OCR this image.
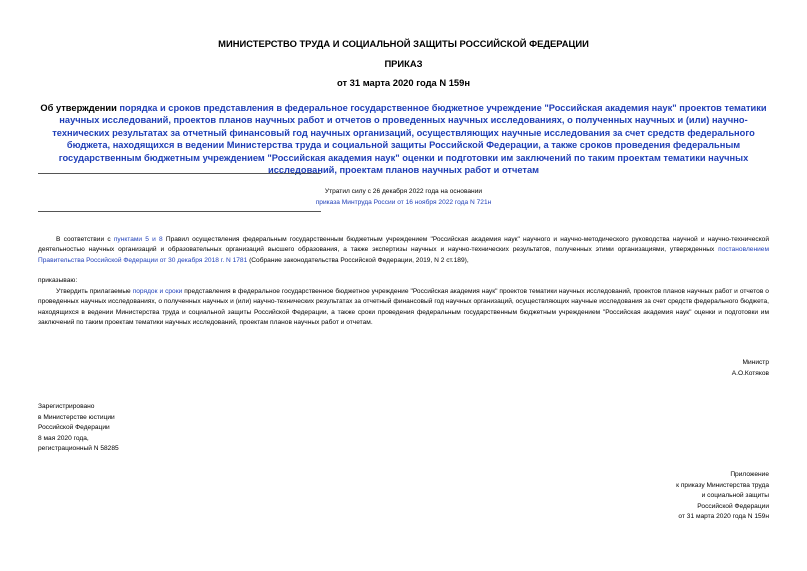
МИНИСТЕРСТВО ТРУДА И СОЦИАЛЬНОЙ ЗАЩИТЫ РОССИЙСКОЙ ФЕДЕРАЦИИ
ПРИКАЗ
от 31 марта 2020 года N 159н
Об утверждении порядка и сроков представления в федеральное государственное бюджетное учреждение "Российская академия наук" проектов тематики научных исследований, проектов планов научных работ и отчетов о проведенных научных исследованиях, о полученных научных и (или) научно-технических результатах за отчетный финансовый год научных организаций, осуществляющих научные исследования за счет средств федерального бюджета, находящихся в ведении Министерства труда и социальной защиты Российской Федерации, а также сроков проведения федеральным государственным бюджетным учреждением "Российская академия наук" оценки и подготовки им заключений по таким проектам тематики научных исследований, проектам планов научных работ и отчетам
Утратил силу с 26 декабря 2022 года на основании
приказа Минтруда России от 16 ноября 2022 года N 721н
В соответствии с пунктами 5 и 8 Правил осуществления федеральным государственным бюджетным учреждением "Российская академия наук" научного и научно-методического руководства научной и научно-технической деятельностью научных организаций и образовательных организаций высшего образования, а также экспертизы научных и научно-технических результатов, полученных этими организациями, утвержденных постановлением Правительства Российской Федерации от 30 декабря 2018 г. N 1781 (Собрание законодательства Российской Федерации, 2019, N 2 ст.189),
приказываю:
Утвердить прилагаемые порядок и сроки представления в федеральное государственное бюджетное учреждение "Российская академия наук" проектов тематики научных исследований, проектов планов научных работ и отчетов о проведенных научных исследованиях, о полученных научных и (или) научно-технических результатах за отчетный финансовый год научных организаций, осуществляющих научные исследования за счет средств федерального бюджета, находящихся в ведении Министерства труда и социальной защиты Российской Федерации, а также сроки проведения федеральным государственным бюджетным учреждением "Российская академия наук" оценки и подготовки им заключений по таким проектам тематики научных исследований, проектам планов научных работ и отчетам.
Министр
А.О.Котяков
Зарегистрировано
в Министерстве юстиции
Российской Федерации
8 мая 2020 года,
регистрационный N 58285
Приложение
к приказу Министерства труда
и социальной защиты
Российской Федерации
от 31 марта 2020 года N 159н
